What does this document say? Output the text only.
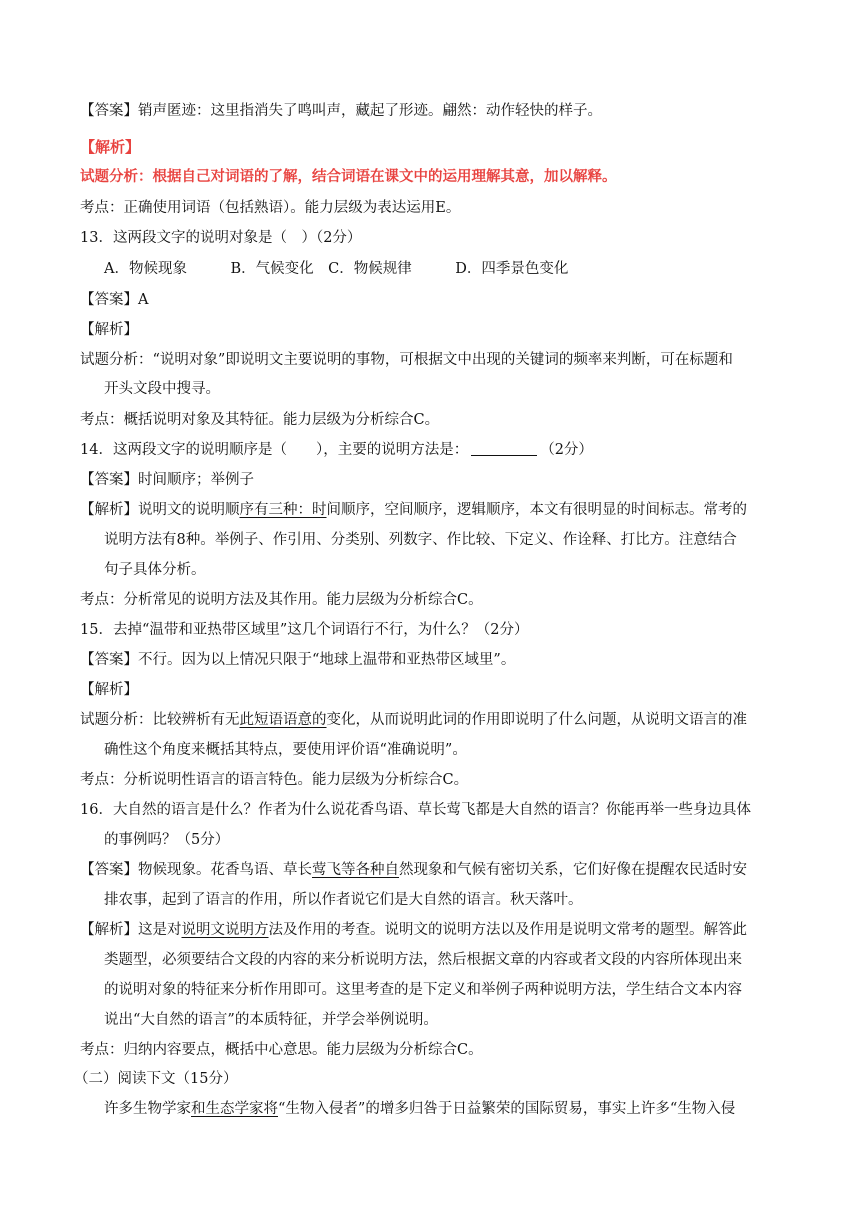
【答案】销声匿迹：这里指消失了鸣叫声，藏起了形迹。翩然：动作轻快的样子。
【解析】
试题分析：根据自己对词语的了解，结合词语在课文中的运用理解其意，加以解释。
考点：正确使用词语（包括熟语）。能力层级为表达运用E。
13．这两段文字的说明对象是（　）（2分）
A．物候现象　　　B．气候变化　C．物候规律　　　D．四季景色变化
【答案】A
【解析】
试题分析：“说明对象”即说明文主要说明的事物，可根据文中出现的关键词的频率来判断，可在标题和
开头文段中搜寻。
考点：概括说明对象及其特征。能力层级为分析综合C。
14．这两段文字的说明顺序是（　　），主要的说明方法是：	（2分）
【答案】时间顺序；举例子
【解析】说明文的说明顺序有三种：时间顺序，空间顺序，逻辑顺序，本文有很明显的时间标志。常考的
说明方法有8种。举例子、作引用、分类别、列数字、作比较、下定义、作诠释、打比方。注意结合
句子具体分析。
考点：分析常见的说明方法及其作用。能力层级为分析综合C。
15．去掉“温带和亚热带区域里”这几个词语行不行，为什么？（2分）
【答案】不行。因为以上情况只限于“地球上温带和亚热带区域里”。
【解析】
试题分析：比较辨析有无此短语语意的变化，从而说明此词的作用即说明了什么问题，从说明文语言的准
确性这个角度来概括其特点，要使用评价语“准确说明”。
考点：分析说明性语言的语言特色。能力层级为分析综合C。
16．大自然的语言是什么？作者为什么说花香鸟语、草长莺飞都是大自然的语言？你能再举一些身边具体
的事例吗？（5分）
【答案】物候现象。花香鸟语、草长莺飞等各种自然现象和气候有密切关系，它们好像在提醒农民适时安
排农事，起到了语言的作用，所以作者说它们是大自然的语言。秋天落叶。
【解析】这是对说明文说明方法及作用的考查。说明文的说明方法以及作用是说明文常考的题型。解答此
类题型，必须要结合文段的内容的来分析说明方法，然后根据文章的内容或者文段的内容所体现出来
的说明对象的特征来分析作用即可。这里考查的是下定义和举例子两种说明方法，学生结合文本内容
说出“大自然的语言”的本质特征，并学会举例说明。
考点：归纳内容要点，概括中心意思。能力层级为分析综合C。
（二）阅读下文（15分）
许多生物学家和生态学家将“生物入侵者”的增多归咎于日益繁荣的国际贸易，事实上许多“生物入侵
